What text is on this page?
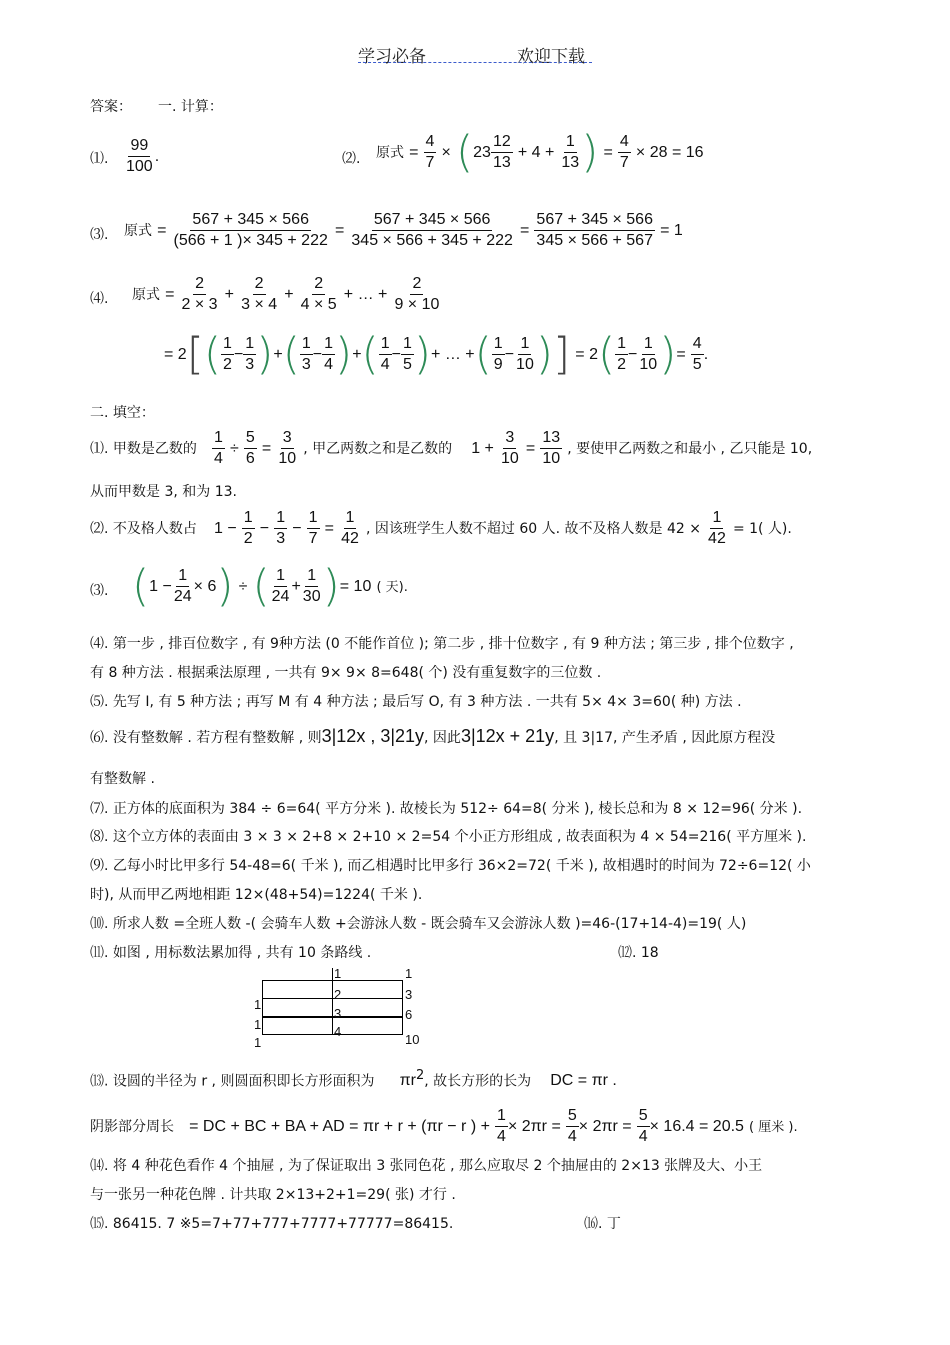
学习必备	欢迎下载
答案： 一. 计算：
⑴. $\frac{99}{100}$ .	⑵. 原式 = $\frac{4}{7} \times (23 \frac{12}{13} + 4 + \frac{1}{13}$ ) = $\frac{4}{7} \times 28 = 16$
⑶. 原式 = $\frac{567 + 345 \times 566}{(566 + 1 )\times 345 + 222} = \frac{567 + 345 \times 566}{345 \times 566 + 345 + 222} = \frac{567 + 345 \times 566}{345 \times 566 + 567} = 1$
⑷. 原式 = $\frac{2}{2 \times 3} + \frac{2}{3 \times 4} + \frac{2}{4 \times 5}$ + … + $\frac{2}{9 \times 10}$
= $2[( \frac{1}{2} - \frac{1}{3}$ )+( $\frac{1}{3} - \frac{1}{4}$ )+( $\frac{1}{4} - \frac{1}{5}$ )+ … +( $\frac{1}{9} - \frac{1}{10}$ )] = $2( \frac{1}{2} - \frac{1}{10}$ )= $\frac{4}{5}$ .
二. 填空：
⑴. 甲数是乙数的 $\frac{1}{4} \div \frac{5}{6} = \frac{3}{10}$ , 甲乙两数之和是乙数的 $1 + \frac{3}{10} = \frac{13}{10}$ , 要使甲乙两数之和最小 , 乙只能是 10,
从而甲数是 3, 和为 13.
⑵. 不及格人数占 $1 - \frac{1}{2} - \frac{1}{3} - \frac{1}{7} = \frac{1}{42}$ , 因该班学生人数不超过 60 人. 故不及格人数是 $42 \times \frac{1}{42} = 1$( 人).
⑶. $(1 - \frac{1}{24} \times 6)$ ÷ ( $\frac{1}{24} + \frac{1}{30}$ )= 10 ( 天).
⑷. 第一步 , 排百位数字 , 有 9种方法 (0 不能作首位 ); 第二步 , 排十位数字 , 有 9 种方法 ; 第三步 , 排个位数字 ,
有 8 种方法 . 根据乘法原理 , 一共有 9× 9× 8=648( 个) 没有重复数字的三位数 .
⑸. 先写 Ⅰ, 有 5 种方法 ; 再写 Ⅿ 有 4 种方法 ; 最后写 О, 有 3 种方法 . 一共有 5× 4× 3=60( 种) 方法 .
⑹. 没有整数解 . 若方程有整数解 , 则3|12x , 3|21y, 因此3|12x + 21y, 且 3|17, 产生矛盾 , 因此原方程没
有整数解 .
⑺. 正方体的底面积为 384 ÷ 6=64( 平方分米 ). 故棱长为 512÷ 64=8( 分米 ), 棱长总和为 8 × 12=96( 分米 ).
⑻. 这个立方体的表面由 3 × 3 × 2+8 × 2+10 × 2=54 个小正方形组成 , 故表面积为 4 × 54=216( 平方厘米 ).
⑼. 乙每小时比甲多行 54-48=6( 千米 ), 而乙相遇时比甲多行 36×2=72( 千米 ), 故相遇时的时间为 72÷6=12( 小
时), 从而甲乙两地相距 12×(48+54)=1224( 千米 ).
⑽. 所求人数 =全班人数 -( 会骑车人数 +会游泳人数 - 既会骑车又会游泳人数 )=46-(17+14-4)=19( 人)
⑾. 如图 , 用标数法累加得 , 共有 10 条路线 .	⑿. 18
1	1
1
2	3
1
3	6
1
4
10
⒀. 设圆的半径为 r , 则圆面积即长方形面积为 $\pi r^2$, 故长方形的长为 DC = πr .
阴影部分周长 = DC + BC + BA + AD = πr + r + (πr − r ) + $\frac{1}{4} \times 2\pi r = \frac{5}{4} \times 2\pi r = \frac{5}{4} \times 16.4 = 20.5$ ( 厘米 ).
⒁. 将 4 种花色看作 4 个抽屉 , 为了保证取出 3 张同色花 , 那么应取尽 2 个抽屉由的 2×13 张牌及大、小王
与一张另一种花色牌 . 计共取 2×13+2+1=29( 张) 才行 .
⒂. 86415. 7 ※5=7+77+777+7777+77777=86415.	⒃. 丁
